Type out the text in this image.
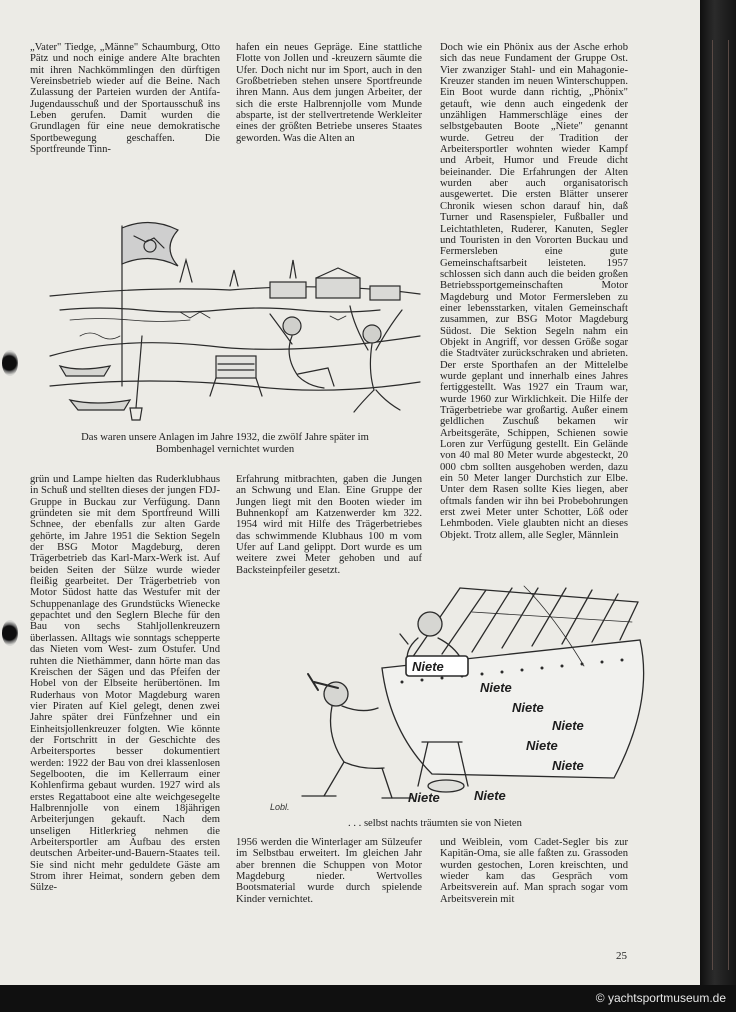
„Vater" Tiedge, „Männe" Schaumburg, Otto Pätz und noch einige andere Alte brachten mit ihren Nachkömmlingen den dürftigen Vereinsbetrieb wieder auf die Beine. Nach Zulassung der Parteien wurden der Antifa-Jugendausschuß und der Sportausschuß ins Leben gerufen. Damit wurden die Grundlagen für eine neue demokratische Sportbewegung geschaffen. Die Sportfreunde Tinn-

hafen ein neues Gepräge. Eine stattliche Flotte von Jollen und -kreuzern säumte die Ufer. Doch nicht nur im Sport, auch in den Großbetrieben stehen unsere Sportfreunde ihren Mann. Aus dem jungen Arbeiter, der sich die erste Halbrennjolle vom Munde absparte, ist der stellvertretende Werkleiter eines der größten Betriebe unseres Staates geworden. Was die Alten an

Doch wie ein Phönix aus der Asche erhob sich das neue Fundament der Gruppe Ost. Vier zwanziger Stahl- und ein Mahagonie-Kreuzer standen im neuen Winterschuppen. Ein Boot wurde dann richtig, „Phönix" getauft, wie denn auch eingedenk der unzähligen Hammerschläge eines der selbstgebauten Boote „Niete" genannt wurde. Getreu der Tradition der Arbeitersportler wohnten wieder Kampf und Arbeit, Humor und Freude dicht beieinander. Die Erfahrungen der Alten wurden aber auch organisatorisch ausgewertet. Die ersten Blätter unserer Chronik wiesen schon darauf hin, daß Turner und Rasenspieler, Fußballer und Leichtathleten, Ruderer, Kanuten, Segler und Touristen in den Vororten Buckau und Fermersleben eine gute Gemeinschaftsarbeit leisteten. 1957 schlossen sich dann auch die beiden großen Betriebssportgemeinschaften Motor Magdeburg und Motor Fermersleben zu einer lebensstarken, vitalen Gemeinschaft zusammen, zur BSG Motor Magdeburg Südost. Die Sektion Segeln nahm ein Objekt in Angriff, vor dessen Größe sogar die Stadtväter zurückschraken und abrieten. Der erste Sporthafen an der Mittelelbe wurde geplant und innerhalb eines Jahres fertiggestellt. Was 1927 ein Traum war, wurde 1960 zur Wirklichkeit. Die Hilfe der Trägerbetriebe war großartig. Außer einem geldlichen Zuschuß bekamen wir Arbeitsgeräte, Schippen, Schienen sowie Loren zur Verfügung gestellt. Ein Gelände von 40 mal 80 Meter wurde abgesteckt, 20 000 cbm sollten ausgehoben werden, dazu ein 50 Meter langer Durchstich zur Elbe. Unter dem Rasen sollte Kies liegen, aber oftmals fanden wir ihn bei Probebohrungen erst zwei Meter unter Schotter, Löß oder Lehmboden. Viele glaubten nicht an dieses Objekt. Trotz allem, alle Segler, Männlein

Das waren unsere Anlagen im Jahre 1932, die zwölf Jahre später im Bombenhagel vernichtet wurden

grün und Lampe hielten das Ruderklubhaus in Schuß und stellten dieses der jungen FDJ-Gruppe in Buckau zur Verfügung. Dann gründeten sie mit dem Sportfreund Willi Schnee, der ebenfalls zur alten Garde gehörte, im Jahre 1951 die Sektion Segeln der BSG Motor Magdeburg, deren Trägerbetrieb das Karl-Marx-Werk ist. Auf beiden Seiten der Sülze wurde wieder fleißig gearbeitet. Der Trägerbetrieb von Motor Südost hatte das Westufer mit der Schuppenanlage des Grundstücks Wienecke gepachtet und den Seglern Bleche für den Bau von sechs Stahljollenkreuzern überlassen. Alltags wie sonntags schepperte das Nieten vom West- zum Ostufer. Und ruhten die Niethämmer, dann hörte man das Kreischen der Sägen und das Pfeifen der Hobel von der Elbseite herübertönen. Im Ruderhaus von Motor Magdeburg waren vier Piraten auf Kiel gelegt, denen zwei Jahre später drei Fünfzehner und ein Einheitsjollenkreuzer folgten. Wie könnte der Fortschritt in der Geschichte des Arbeitersportes besser dokumentiert werden: 1922 der Bau von drei klassenlosen Segelbooten, die im Kellerraum einer Kohlenfirma gebaut wurden. 1927 wird als erstes Regattaboot eine alte weichgesegelte Halbrennjolle von einem 18jährigen Arbeiterjungen gekauft. Nach dem unseligen Hitlerkrieg nehmen die Arbeitersportler am Aufbau des ersten deutschen Arbeiter-und-Bauern-Staates teil. Sie sind nicht mehr geduldete Gäste am Strom ihrer Heimat, sondern geben dem Sülze-

Erfahrung mitbrachten, gaben die Jungen an Schwung und Elan. Eine Gruppe der Jungen liegt mit den Booten wieder im Buhnenkopf am Katzenwerder km 322. 1954 wird mit Hilfe des Trägerbetriebes das schwimmende Klubhaus 100 m vom Ufer auf Land gelippt. Dort wurde es um weitere zwei Meter gehoben und auf Backsteinpfeiler gesetzt.

Niete
Niete
Niete
Niete
Niete
Niete
Niete	Niete
Lobl.

. . . selbst nachts träumten sie von Nieten

1956 werden die Winterlager am Sülzeufer im Selbstbau erweitert. Im gleichen Jahr aber brennen die Schuppen von Motor Magdeburg nieder. Wertvolles Bootsmaterial wurde durch spielende Kinder vernichtet.

und Weiblein, vom Cadet-Segler bis zur Kapitän-Oma, sie alle faßten zu. Grassoden wurden gestochen, Loren kreischten, und wieder kam das Gespräch vom Arbeitsverein auf. Man sprach sogar vom Arbeitsverein mit

25

© yachtsportmuseum.de
